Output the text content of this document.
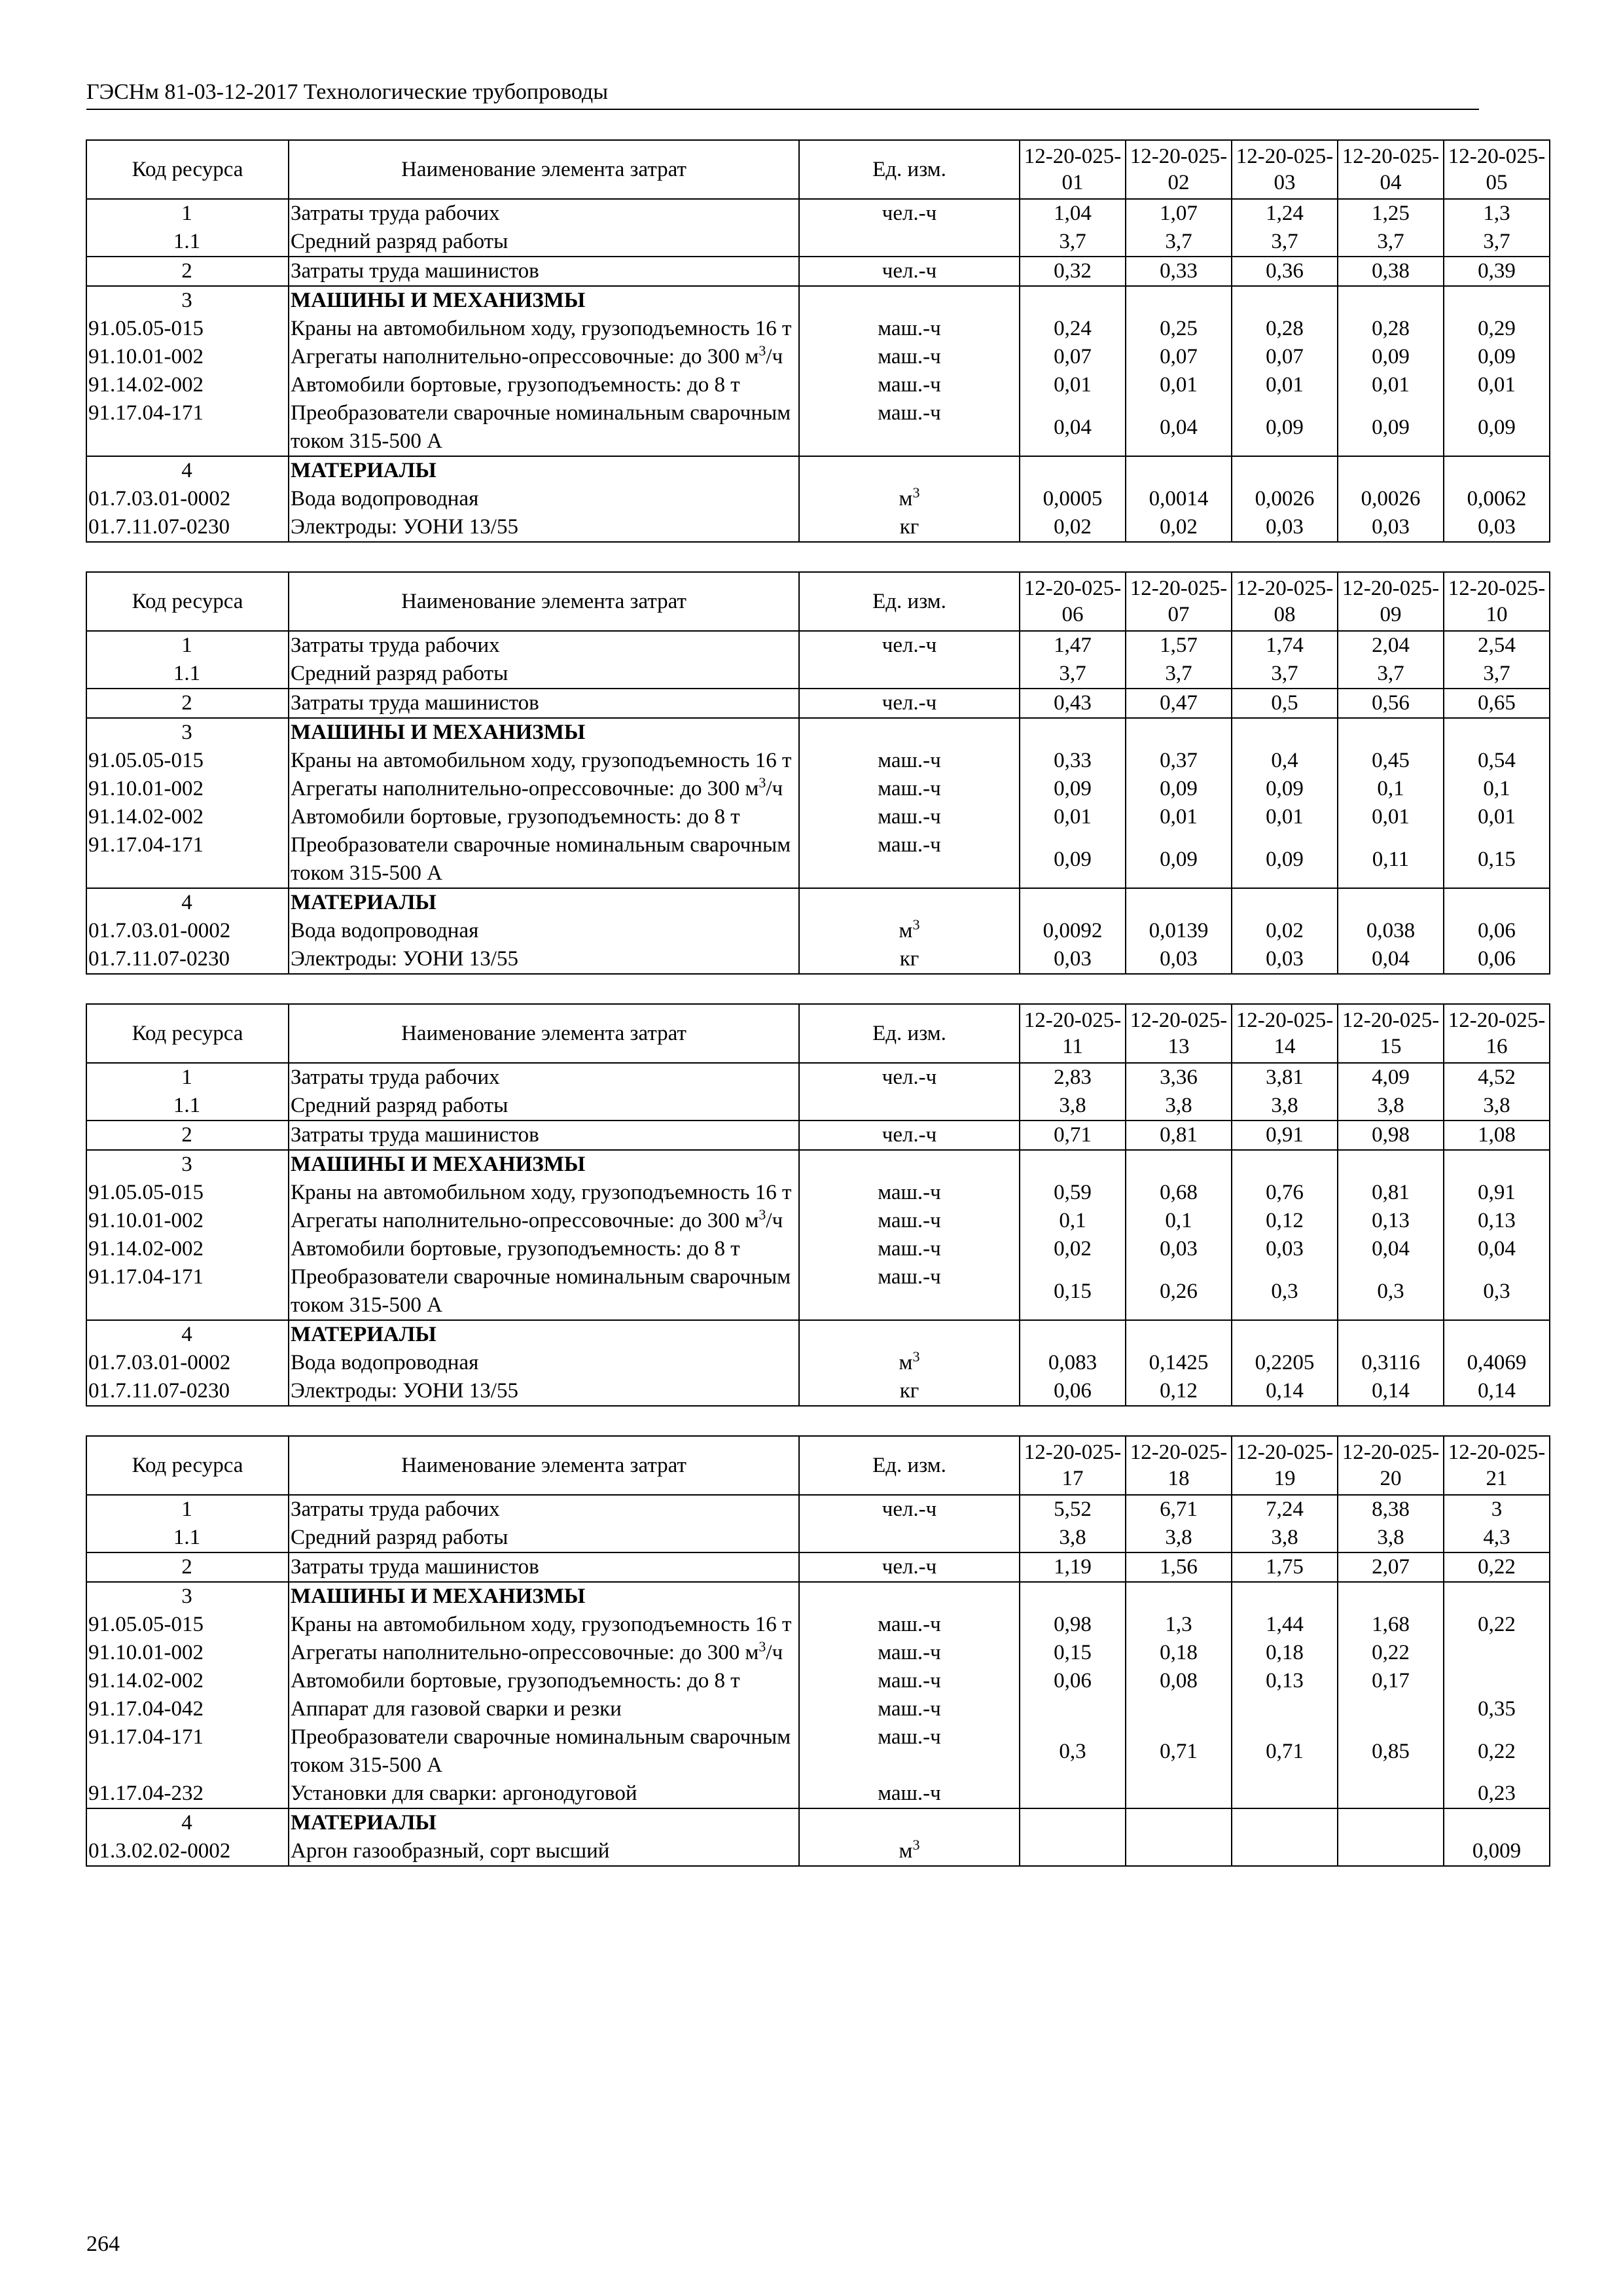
ГЭСНм 81-03-12-2017 Технологические трубопроводы
Код ресурса	Наименование элемента затрат	Ед. изм.	12-20-025-01	12-20-025-02	12-20-025-03	12-20-025-04	12-20-025-05
1	Затраты труда рабочих	чел.-ч	1,04	1,07	1,24	1,25	1,3
1.1	Средний разряд работы		3,7	3,7	3,7	3,7	3,7
2	Затраты труда машинистов	чел.-ч	0,32	0,33	0,36	0,38	0,39
3	МАШИНЫ И МЕХАНИЗМЫ						
91.05.05-015	Краны на автомобильном ходу, грузоподъемность 16 т	маш.-ч	0,24	0,25	0,28	0,28	0,29
91.10.01-002	Агрегаты наполнительно-опрессовочные: до 300 $м^3/ч$	маш.-ч	0,07	0,07	0,07	0,09	0,09
91.14.02-002	Автомобили бортовые, грузоподъемность: до 8 т	маш.-ч	0,01	0,01	0,01	0,01	0,01
91.17.04-171	Преобразователи сварочные номинальным сварочным током 315-500 А	маш.-ч	0,04	0,04	0,09	0,09	0,09
4	МАТЕРИАЛЫ						
01.7.03.01-0002	Вода водопроводная	$м^3$	0,0005	0,0014	0,0026	0,0026	0,0062
01.7.11.07-0230	Электроды: УОНИ 13/55	кг	0,02	0,02	0,03	0,03	0,03
Код ресурса	Наименование элемента затрат	Ед. изм.	12-20-025-06	12-20-025-07	12-20-025-08	12-20-025-09	12-20-025-10
1	Затраты труда рабочих	чел.-ч	1,47	1,57	1,74	2,04	2,54
1.1	Средний разряд работы		3,7	3,7	3,7	3,7	3,7
2	Затраты труда машинистов	чел.-ч	0,43	0,47	0,5	0,56	0,65
3	МАШИНЫ И МЕХАНИЗМЫ						
91.05.05-015	Краны на автомобильном ходу, грузоподъемность 16 т	маш.-ч	0,33	0,37	0,4	0,45	0,54
91.10.01-002	Агрегаты наполнительно-опрессовочные: до 300 $м^3/ч$	маш.-ч	0,09	0,09	0,09	0,1	0,1
91.14.02-002	Автомобили бортовые, грузоподъемность: до 8 т	маш.-ч	0,01	0,01	0,01	0,01	0,01
91.17.04-171	Преобразователи сварочные номинальным сварочным током 315-500 А	маш.-ч	0,09	0,09	0,09	0,11	0,15
4	МАТЕРИАЛЫ						
01.7.03.01-0002	Вода водопроводная	$м^3$	0,0092	0,0139	0,02	0,038	0,06
01.7.11.07-0230	Электроды: УОНИ 13/55	кг	0,03	0,03	0,03	0,04	0,06
Код ресурса	Наименование элемента затрат	Ед. изм.	12-20-025-11	12-20-025-13	12-20-025-14	12-20-025-15	12-20-025-16
1	Затраты труда рабочих	чел.-ч	2,83	3,36	3,81	4,09	4,52
1.1	Средний разряд работы		3,8	3,8	3,8	3,8	3,8
2	Затраты труда машинистов	чел.-ч	0,71	0,81	0,91	0,98	1,08
3	МАШИНЫ И МЕХАНИЗМЫ						
91.05.05-015	Краны на автомобильном ходу, грузоподъемность 16 т	маш.-ч	0,59	0,68	0,76	0,81	0,91
91.10.01-002	Агрегаты наполнительно-опрессовочные: до 300 $м^3/ч$	маш.-ч	0,1	0,1	0,12	0,13	0,13
91.14.02-002	Автомобили бортовые, грузоподъемность: до 8 т	маш.-ч	0,02	0,03	0,03	0,04	0,04
91.17.04-171	Преобразователи сварочные номинальным сварочным током 315-500 А	маш.-ч	0,15	0,26	0,3	0,3	0,3
4	МАТЕРИАЛЫ						
01.7.03.01-0002	Вода водопроводная	$м^3$	0,083	0,1425	0,2205	0,3116	0,4069
01.7.11.07-0230	Электроды: УОНИ 13/55	кг	0,06	0,12	0,14	0,14	0,14
Код ресурса	Наименование элемента затрат	Ед. изм.	12-20-025-17	12-20-025-18	12-20-025-19	12-20-025-20	12-20-025-21
1	Затраты труда рабочих	чел.-ч	5,52	6,71	7,24	8,38	3
1.1	Средний разряд работы		3,8	3,8	3,8	3,8	4,3
2	Затраты труда машинистов	чел.-ч	1,19	1,56	1,75	2,07	0,22
3	МАШИНЫ И МЕХАНИЗМЫ						
91.05.05-015	Краны на автомобильном ходу, грузоподъемность 16 т	маш.-ч	0,98	1,3	1,44	1,68	0,22
91.10.01-002	Агрегаты наполнительно-опрессовочные: до 300 $м^3/ч$	маш.-ч	0,15	0,18	0,18	0,22	
91.14.02-002	Автомобили бортовые, грузоподъемность: до 8 т	маш.-ч	0,06	0,08	0,13	0,17	
91.17.04-042	Аппарат для газовой сварки и резки	маш.-ч					0,35
91.17.04-171	Преобразователи сварочные номинальным сварочным током 315-500 А	маш.-ч	0,3	0,71	0,71	0,85	0,22
91.17.04-232	Установки для сварки: аргонодуговой	маш.-ч					0,23
4	МАТЕРИАЛЫ						
01.3.02.02-0002	Аргон газообразный, сорт высший	$м^3$					0,009
264
